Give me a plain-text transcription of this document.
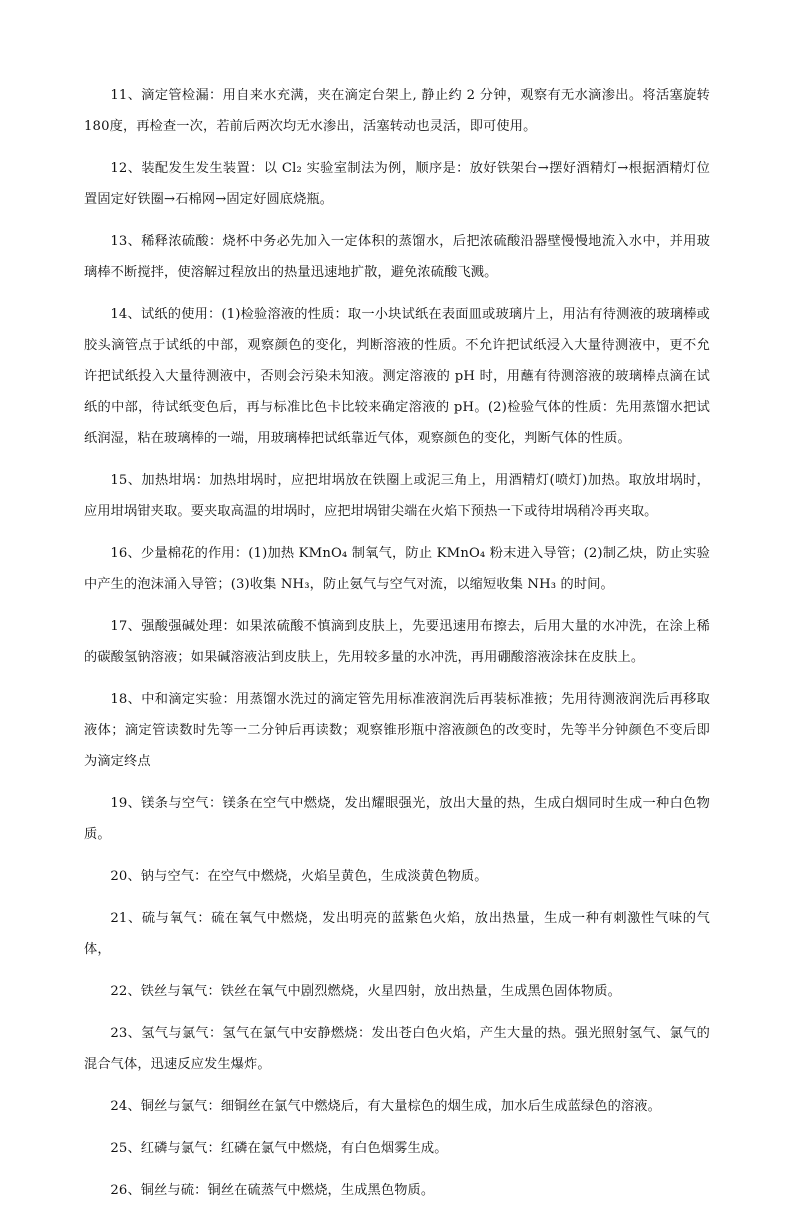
11、滴定管检漏：用自来水充满，夹在滴定台架上, 静止约 2 分钟，观察有无水滴渗出。将活塞旋转180度，再检查一次，若前后两次均无水渗出，活塞转动也灵活，即可使用。

12、装配发生发生装置：以 Cl₂ 实验室制法为例，顺序是：放好铁架台→摆好酒精灯→根据酒精灯位置固定好铁圈→石棉网→固定好圆底烧瓶。

13、稀释浓硫酸：烧杯中务必先加入一定体积的蒸馏水，后把浓硫酸沿器壁慢慢地流入水中，并用玻璃棒不断搅拌，使溶解过程放出的热量迅速地扩散，避免浓硫酸飞溅。

14、试纸的使用：(1)检验溶液的性质：取一小块试纸在表面皿或玻璃片上，用沾有待测液的玻璃棒或胶头滴管点于试纸的中部，观察颜色的变化，判断溶液的性质。不允许把试纸浸入大量待测液中，更不允许把试纸投入大量待测液中，否则会污染未知液。测定溶液的 pH 时，用蘸有待测溶液的玻璃棒点滴在试纸的中部，待试纸变色后，再与标准比色卡比较来确定溶液的 pH。(2)检验气体的性质：先用蒸馏水把试纸润湿，粘在玻璃棒的一端，用玻璃棒把试纸靠近气体，观察颜色的变化，判断气体的性质。

15、加热坩埚：加热坩埚时，应把坩埚放在铁圈上或泥三角上，用酒精灯(喷灯)加热。取放坩埚时，应用坩埚钳夹取。要夹取高温的坩埚时，应把坩埚钳尖端在火焰下预热一下或待坩埚稍冷再夹取。

16、少量棉花的作用：(1)加热 KMnO₄ 制氧气，防止 KMnO₄ 粉末进入导管；(2)制乙炔，防止实验中产生的泡沫涌入导管；(3)收集 NH₃，防止氨气与空气对流，以缩短收集 NH₃ 的时间。

17、强酸强碱处理：如果浓硫酸不慎滴到皮肤上，先要迅速用布擦去，后用大量的水冲洗，在涂上稀的碳酸氢钠溶液；如果碱溶液沾到皮肤上，先用较多量的水冲洗，再用硼酸溶液涂抹在皮肤上。

18、中和滴定实验：用蒸馏水洗过的滴定管先用标准液润洗后再装标准掖；先用待测液润洗后再移取液体；滴定管读数时先等一二分钟后再读数；观察锥形瓶中溶液颜色的改变时，先等半分钟颜色不变后即为滴定终点

19、镁条与空气：镁条在空气中燃烧，发出耀眼强光，放出大量的热，生成白烟同时生成一种白色物质。

20、钠与空气：在空气中燃烧，火焰呈黄色，生成淡黄色物质。

21、硫与氧气：硫在氧气中燃烧，发出明亮的蓝紫色火焰，放出热量，生成一种有刺激性气味的气体，

22、铁丝与氧气：铁丝在氧气中剧烈燃烧，火星四射，放出热量，生成黑色固体物质。

23、氢气与氯气：氢气在氯气中安静燃烧：发出苍白色火焰，产生大量的热。强光照射氢气、氯气的混合气体，迅速反应发生爆炸。

24、铜丝与氯气：细铜丝在氯气中燃烧后，有大量棕色的烟生成，加水后生成蓝绿色的溶液。

25、红磷与氯气：红磷在氯气中燃烧，有白色烟雾生成。

26、铜丝与硫：铜丝在硫蒸气中燃烧，生成黑色物质。
